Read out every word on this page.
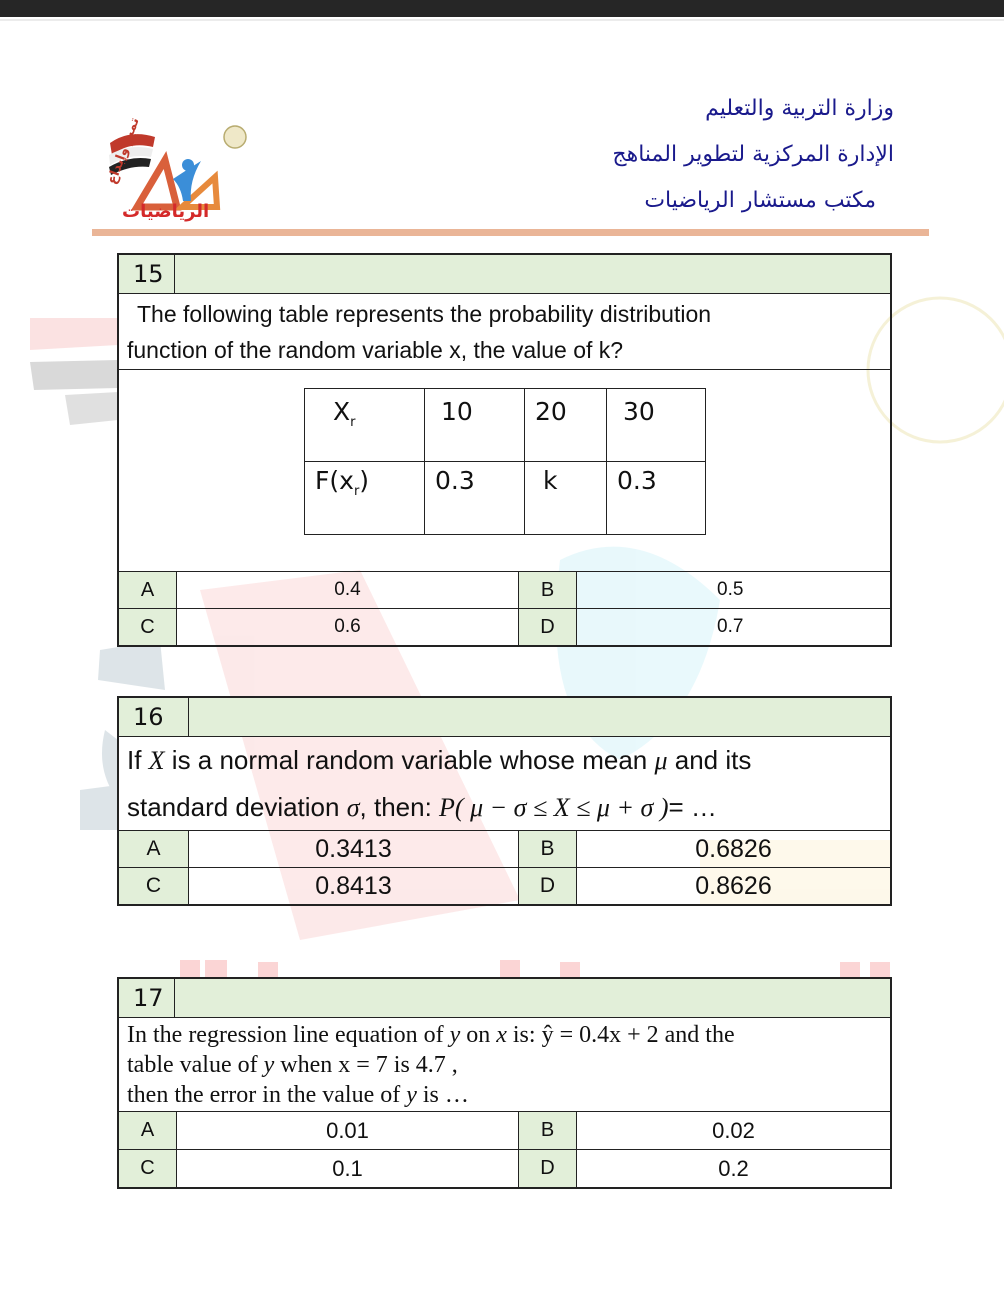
وزارة التربية والتعليم
الإدارة المركزية لتطوير المناهج
مكتب مستشار الرياضيات
تميز وإبداع
الرياضيات
15
The following table represents the probability distribution
function of the random variable x, the value of k?
$X_r$	10	20	30
$F(x_r)$	0.3	k	0.3
A	0.4	B	0.5
C	0.6	D	0.7
16
If X is a normal random variable whose mean μ and its
standard deviation σ, then: P( μ − σ ≤ X ≤ μ + σ )= …
A	0.3413	B	0.6826
C	0.8413	D	0.8626
17
In the regression line equation of y on x is: ŷ = 0.4x + 2 and the
table value of y when x = 7 is 4.7 ,
then the error in the value of y is …
A	0.01	B	0.02
C	0.1	D	0.2
